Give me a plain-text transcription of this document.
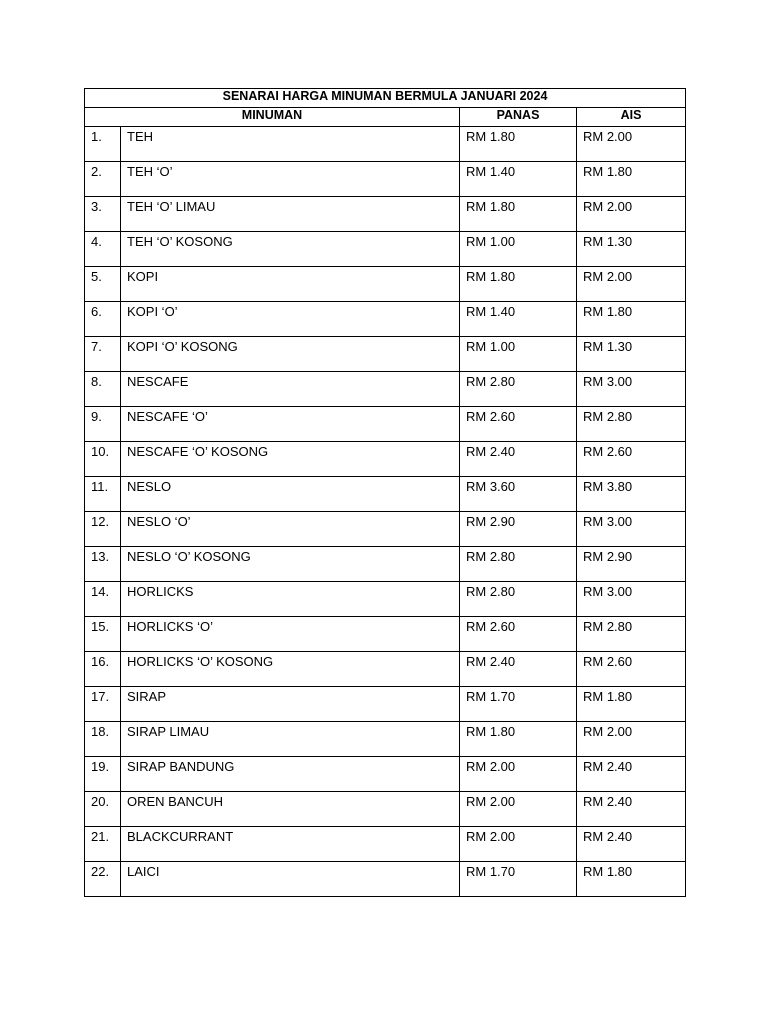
SENARAI HARGA MINUMAN BERMULA JANUARI 2024			
MINUMAN		PANAS	AIS
1.	TEH	RM 1.80	RM 2.00
2.	TEH ‘O’	RM 1.40	RM 1.80
3.	TEH ‘O’ LIMAU	RM 1.80	RM 2.00
4.	TEH ‘O’ KOSONG	RM 1.00	RM 1.30
5.	KOPI	RM 1.80	RM 2.00
6.	KOPI ‘O’	RM 1.40	RM 1.80
7.	KOPI ‘O’ KOSONG	RM 1.00	RM 1.30
8.	NESCAFE	RM 2.80	RM 3.00
9.	NESCAFE ‘O’	RM 2.60	RM 2.80
10.	NESCAFE ‘O’ KOSONG	RM 2.40	RM 2.60
11.	NESLO	RM 3.60	RM 3.80
12.	NESLO ‘O’	RM 2.90	RM 3.00
13.	NESLO ‘O’ KOSONG	RM 2.80	RM 2.90
14.	HORLICKS	RM 2.80	RM 3.00
15.	HORLICKS ‘O’	RM 2.60	RM 2.80
16.	HORLICKS ‘O’ KOSONG	RM 2.40	RM 2.60
17.	SIRAP	RM 1.70	RM 1.80
18.	SIRAP LIMAU	RM 1.80	RM 2.00
19.	SIRAP BANDUNG	RM 2.00	RM 2.40
20.	OREN BANCUH	RM 2.00	RM 2.40
21.	BLACKCURRANT	RM 2.00	RM 2.40
22.	LAICI	RM 1.70	RM 1.80
